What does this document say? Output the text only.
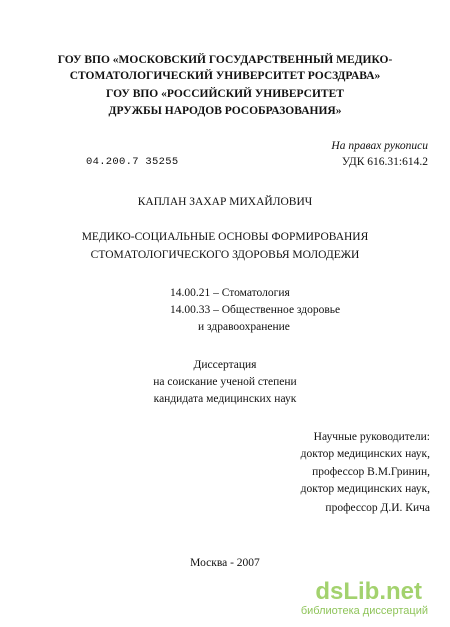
ГОУ ВПО «МОСКОВСКИЙ ГОСУДАРСТВЕННЫЙ МЕДИКО-
СТОМАТОЛОГИЧЕСКИЙ УНИВЕРСИТЕТ РОСЗДРАВА»
ГОУ ВПО «РОССИЙСКИЙ УНИВЕРСИТЕТ
ДРУЖБЫ НАРОДОВ РОСОБРАЗОВАНИЯ»
На правах рукописи
04.200.7 35255	УДК 616.31:614.2
КАПЛАН ЗАХАР МИХАЙЛОВИЧ
МЕДИКО-СОЦИАЛЬНЫЕ ОСНОВЫ ФОРМИРОВАНИЯ
СТОМАТОЛОГИЧЕСКОГО ЗДОРОВЬЯ МОЛОДЕЖИ
14.00.21 – Стоматология
14.00.33 – Общественное здоровье
и здравоохранение
Диссертация
на соискание ученой степени
кандидата медицинских наук
Научные руководители:
доктор медицинских наук,
профессор В.М.Гринин,
доктор медицинских наук,
профессор Д.И. Кича
Москва - 2007
dsLib.net
библиотека диссертаций
